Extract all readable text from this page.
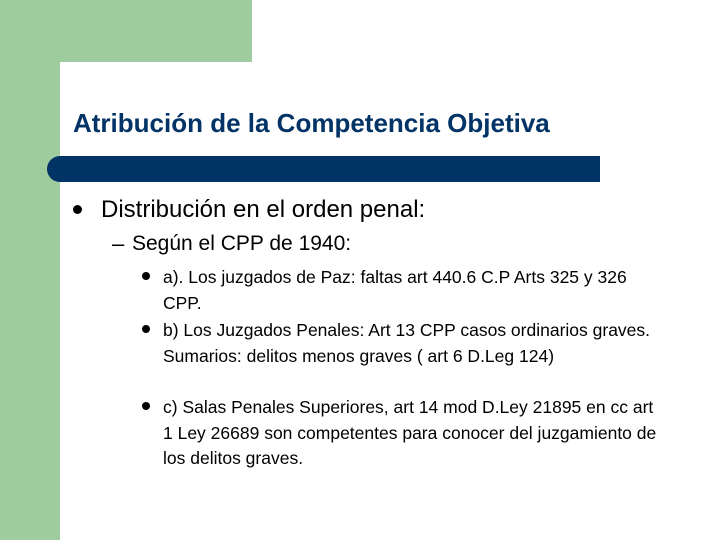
Atribución de la Competencia Objetiva
Distribución en el orden penal:
– Según el CPP de 1940:
a). Los juzgados de Paz: faltas art 440.6 C.P Arts 325 y 326 CPP.
b) Los Juzgados Penales: Art 13 CPP casos ordinarios graves. Sumarios: delitos menos graves ( art 6 D.Leg 124)
c) Salas Penales Superiores, art 14 mod D.Ley 21895 en cc art 1 Ley 26689 son competentes para conocer del juzgamiento de los delitos graves.
